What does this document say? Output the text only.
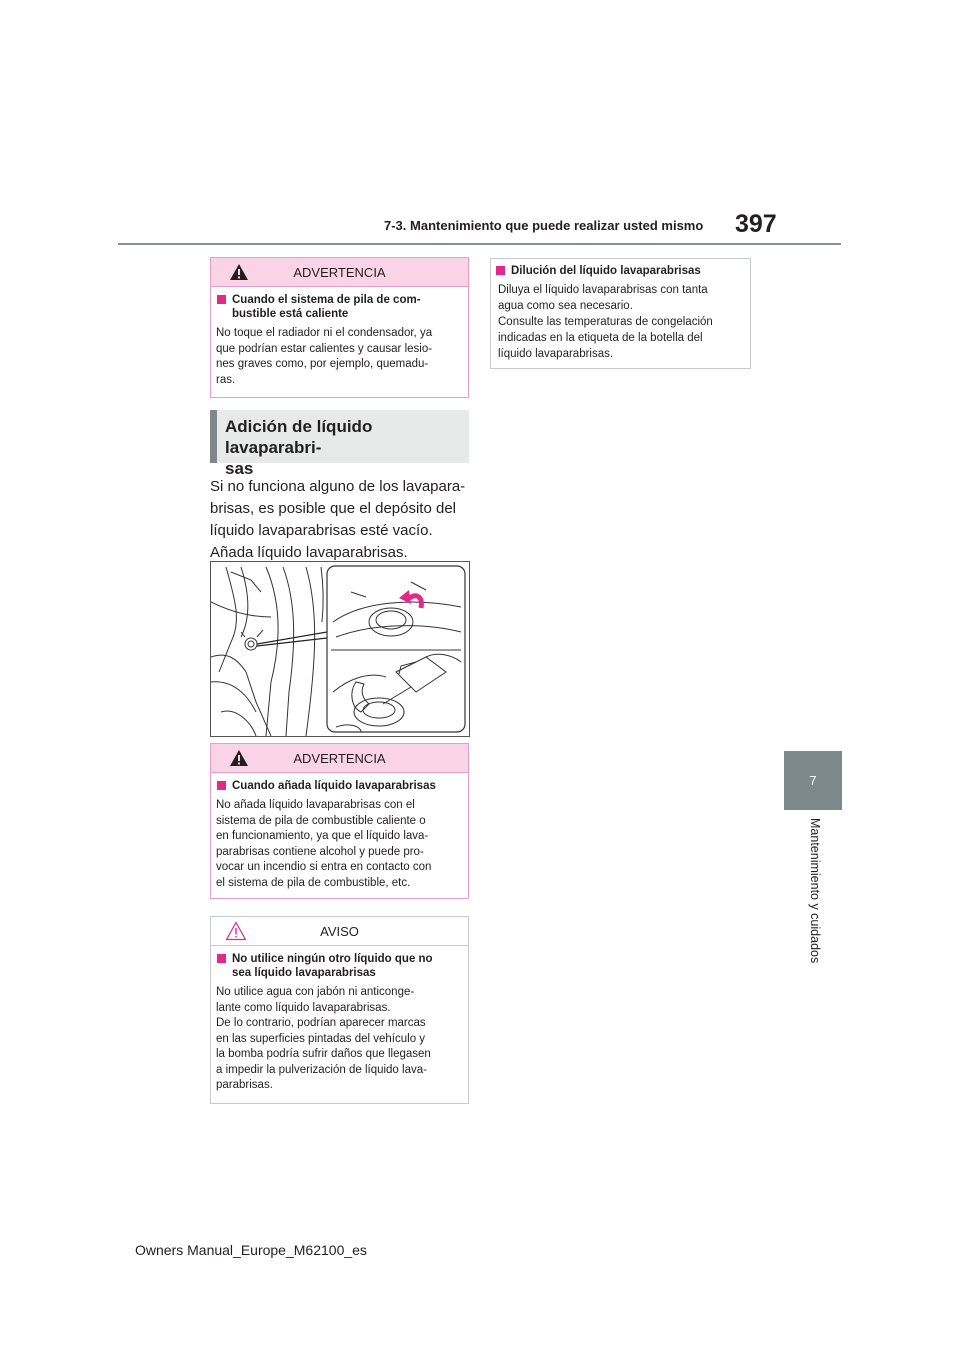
7-3. Mantenimiento que puede realizar usted mismo 397
7
Mantenimiento y cuidados
ADVERTENCIA
Cuando el sistema de pila de com-
bustible está caliente
No toque el radiador ni el condensador, ya
que podrían estar calientes y causar lesio-
nes graves como, por ejemplo, quemadu-
ras.
Adición de líquido lavaparabri-
sas
Si no funciona alguno de los lavapara-
brisas, es posible que el depósito del
líquido lavaparabrisas esté vacío.
Añada líquido lavaparabrisas.
ADVERTENCIA
Cuando añada líquido lavaparabrisas
No añada líquido lavaparabrisas con el
sistema de pila de combustible caliente o
en funcionamiento, ya que el líquido lava-
parabrisas contiene alcohol y puede pro-
vocar un incendio si entra en contacto con
el sistema de pila de combustible, etc.
AVISO
No utilice ningún otro líquido que no
sea líquido lavaparabrisas
No utilice agua con jabón ni anticonge-
lante como líquido lavaparabrisas.
De lo contrario, podrían aparecer marcas
en las superficies pintadas del vehículo y
la bomba podría sufrir daños que llegasen
a impedir la pulverización de líquido lava-
parabrisas.
Dilución del líquido lavaparabrisas
Diluya el líquido lavaparabrisas con tanta
agua como sea necesario.
Consulte las temperaturas de congelación
indicadas en la etiqueta de la botella del
líquido lavaparabrisas.
Owners Manual_Europe_M62100_es
